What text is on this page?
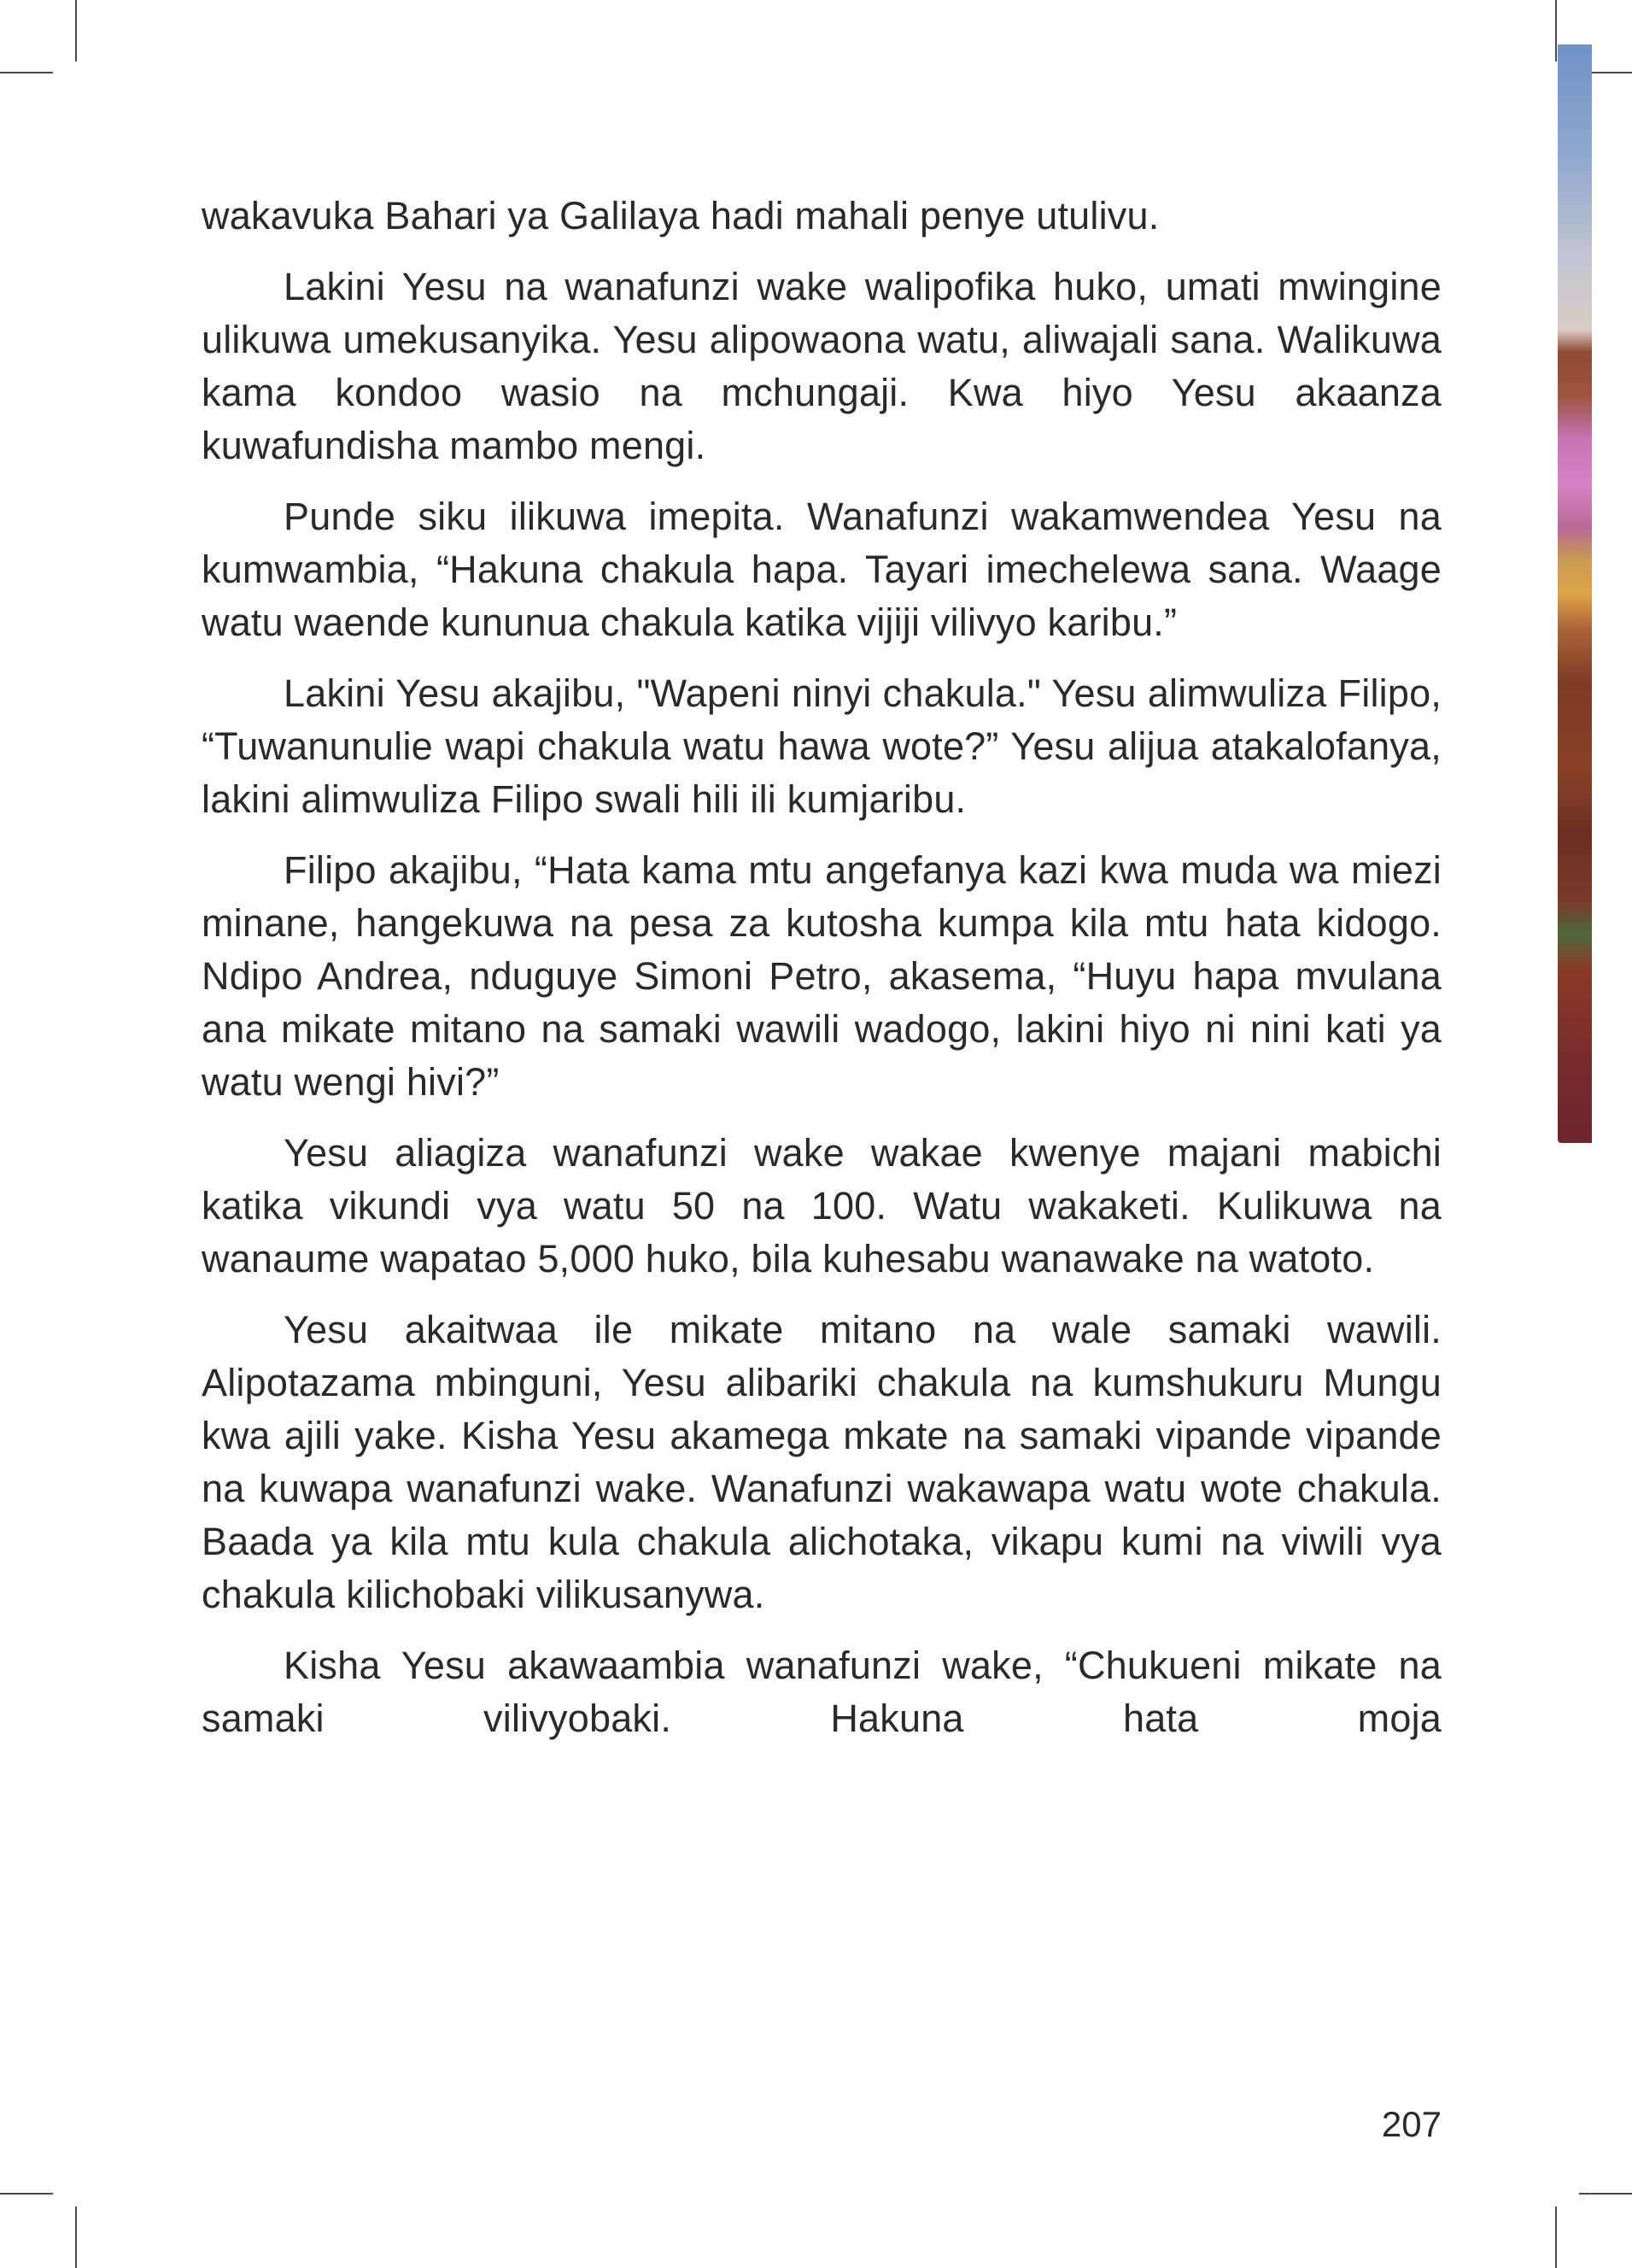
wakavuka Bahari ya Galilaya hadi mahali penye utulivu.

Lakini Yesu na wanafunzi wake walipofika huko, umati mwingine ulikuwa umekusanyika. Yesu alipowaona watu, aliwajali sana. Walikuwa kama kondoo wasio na mchungaji. Kwa hiyo Yesu akaanza kuwafundisha mambo mengi.

Punde siku ilikuwa imepita. Wanafunzi wakamwendea Yesu na kumwambia, “Hakuna chakula hapa. Tayari imechelewa sana. Waage watu waende kununua chakula katika vijiji vilivyo karibu.”

Lakini Yesu akajibu, "Wapeni ninyi chakula." Yesu alimwuliza Filipo, “Tuwanunulie wapi chakula watu hawa wote?” Yesu alijua atakalofanya, lakini alimwuliza Filipo swali hili ili kumjaribu.

Filipo akajibu, “Hata kama mtu angefanya kazi kwa muda wa miezi minane, hangekuwa na pesa za kutosha kumpa kila mtu hata kidogo. Ndipo Andrea, nduguye Simoni Petro, akasema, “Huyu hapa mvulana ana mikate mitano na samaki wawili wadogo, lakini hiyo ni nini kati ya watu wengi hivi?”

Yesu aliagiza wanafunzi wake wakae kwenye majani mabichi katika vikundi vya watu 50 na 100. Watu wakaketi. Kulikuwa na wanaume wapatao 5,000 huko, bila kuhesabu wanawake na watoto.

Yesu akaitwaa ile mikate mitano na wale samaki wawili. Alipotazama mbinguni, Yesu alibariki chakula na kumshukuru Mungu kwa ajili yake. Kisha Yesu akamega mkate na samaki vipande vipande na kuwapa wanafunzi wake. Wanafunzi wakawapa watu wote chakula. Baada ya kila mtu kula chakula alichotaka, vikapu kumi na viwili vya chakula kilichobaki vilikusanywa.

Kisha Yesu akawaambia wanafunzi wake, “Chukueni mikate na samaki vilivyobaki. Hakuna hata moja

207
